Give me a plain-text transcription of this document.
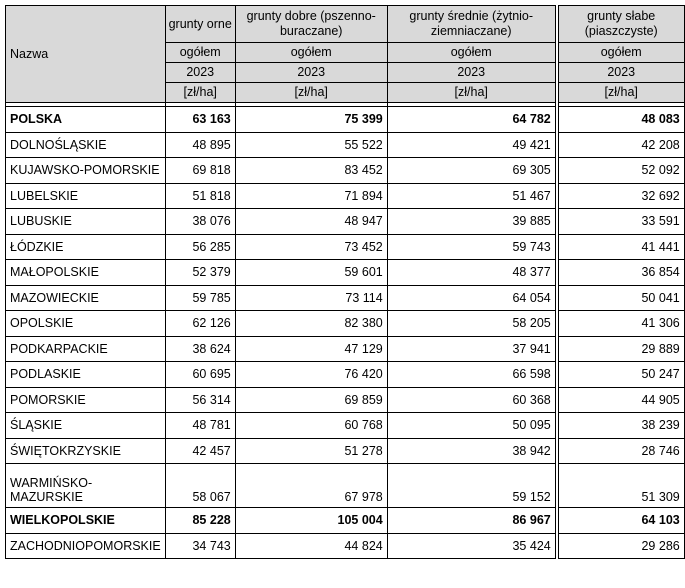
Nazwa	grunty orne	grunty dobre (pszenno-buraczane)	grunty średnie (żytnio-ziemniaczane)		grunty słabe (piaszczyste)
	ogółem	ogółem	ogółem		ogółem
	2023	2023	2023		2023
	[zł/ha]	[zł/ha]	[zł/ha]		[zł/ha]

POLSKA	63 163	75 399	64 782		48 083
DOLNOŚLĄSKIE	48 895	55 522	49 421		42 208
KUJAWSKO-POMORSKIE	69 818	83 452	69 305		52 092
LUBELSKIE	51 818	71 894	51 467		32 692
LUBUSKIE	38 076	48 947	39 885		33 591
ŁÓDZKIE	56 285	73 452	59 743		41 441
MAŁOPOLSKIE	52 379	59 601	48 377		36 854
MAZOWIECKIE	59 785	73 114	64 054		50 041
OPOLSKIE	62 126	82 380	58 205		41 306
PODKARPACKIE	38 624	47 129	37 941		29 889
PODLASKIE	60 695	76 420	66 598		50 247
POMORSKIE	56 314	69 859	60 368		44 905
ŚLĄSKIE	48 781	60 768	50 095		38 239
ŚWIĘTOKRZYSKIE	42 457	51 278	38 942		28 746
WARMIŃSKO-MAZURSKIE	58 067	67 978	59 152		51 309
WIELKOPOLSKIE	85 228	105 004	86 967		64 103
ZACHODNIOPOMORSKIE	34 743	44 824	35 424		29 286
